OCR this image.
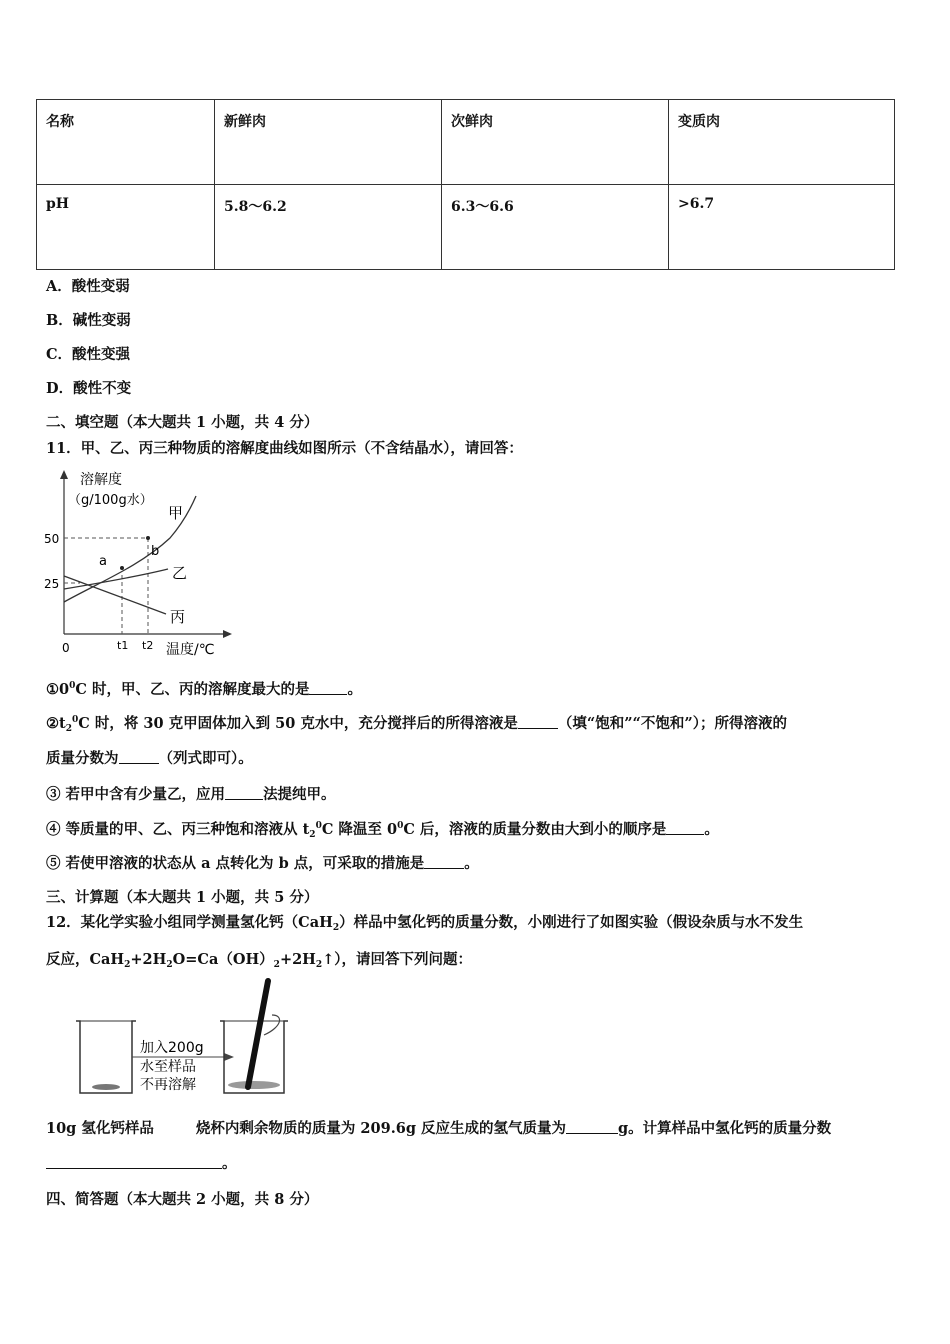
名称	新鲜肉	次鲜肉	变质肉
pH	5.8～6.2	6.3～6.6	>6.7
A．酸性变弱
B．碱性变弱
C．酸性变强
D．酸性不变
二、填空题（本大题共 1 小题，共 4 分）
11．甲、乙、丙三种物质的溶解度曲线如图所示（不含结晶水），请回答：
溶解度
（g/100g水）
50
25
0	t1 t2 温度/℃
a
b
甲
乙
丙
$①0^0C$ 时，甲、乙、丙的溶解度最大的是	。
$②t_2^0C$ 时，将 30 克甲固体加入到 50 克水中，充分搅拌后的所得溶液是	（填“饱和”“不饱和”）；所得溶液的
质量分数为	（列式即可）。
③ 若甲中含有少量乙，应用	法提纯甲。
④ 等质量的甲、乙、丙三种饱和溶液从 $t_2^0C$ 降温至 $0^0C$ 后，溶液的质量分数由大到小的顺序是	。
⑤ 若使甲溶液的状态从 a 点转化为 b 点，可采取的措施是	。
三、计算题（本大题共 1 小题，共 5 分）
12．某化学实验小组同学测量氢化钙（CaH$_2$）样品中氢化钙的质量分数，小刚进行了如图实验（假设杂质与水不发生
反应，$CaH_2+2H_2O=Ca(OH)_2+2H_2↑$），请回答下列问题：
加入200g
水至样品
不再溶解
10g 氢化钙样品	烧杯内剩余物质的质量为 209.6g 反应生成的氢气质量为	g。计算样品中氢化钙的质量分数
。
四、简答题（本大题共 2 小题，共 8 分）
